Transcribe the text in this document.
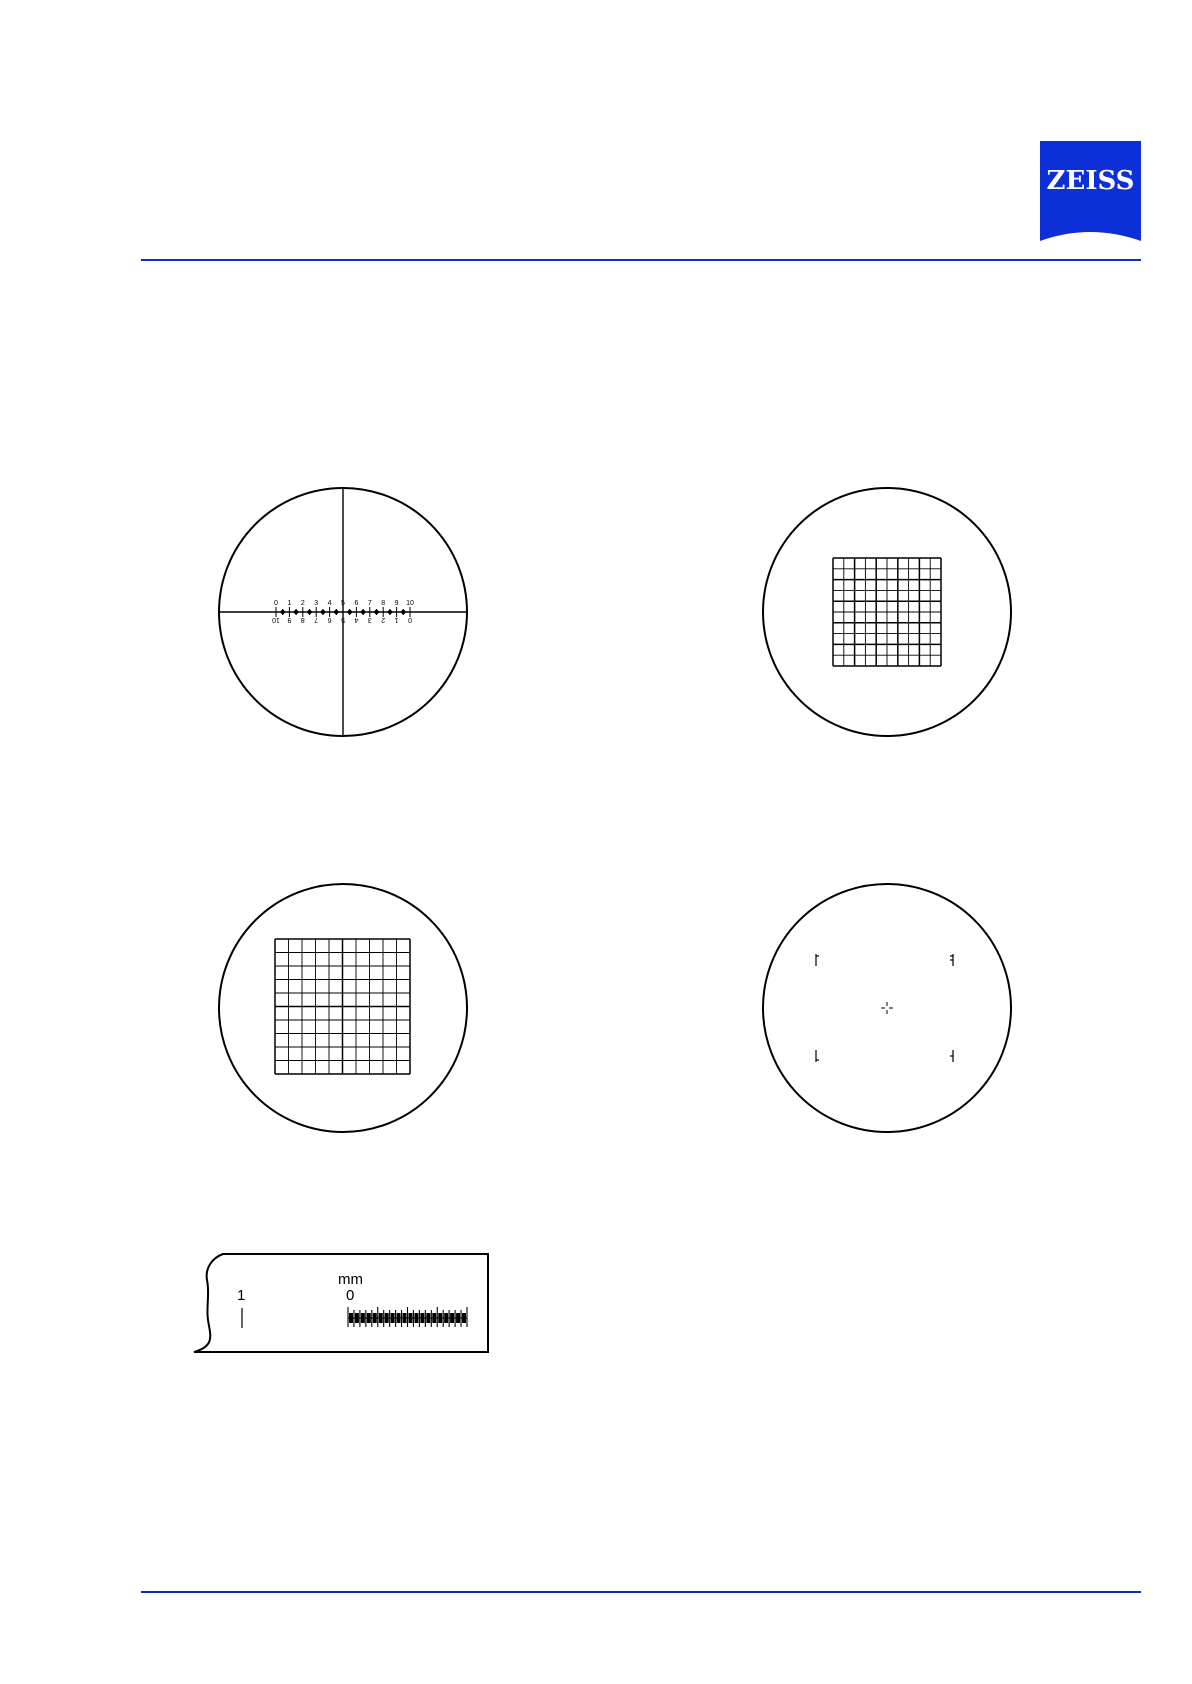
ZEISS
0 1 2 3 4 5 6 7 8 9 10
10 9 8 7 6 5 4 3 2 1 0
mm
1	0
